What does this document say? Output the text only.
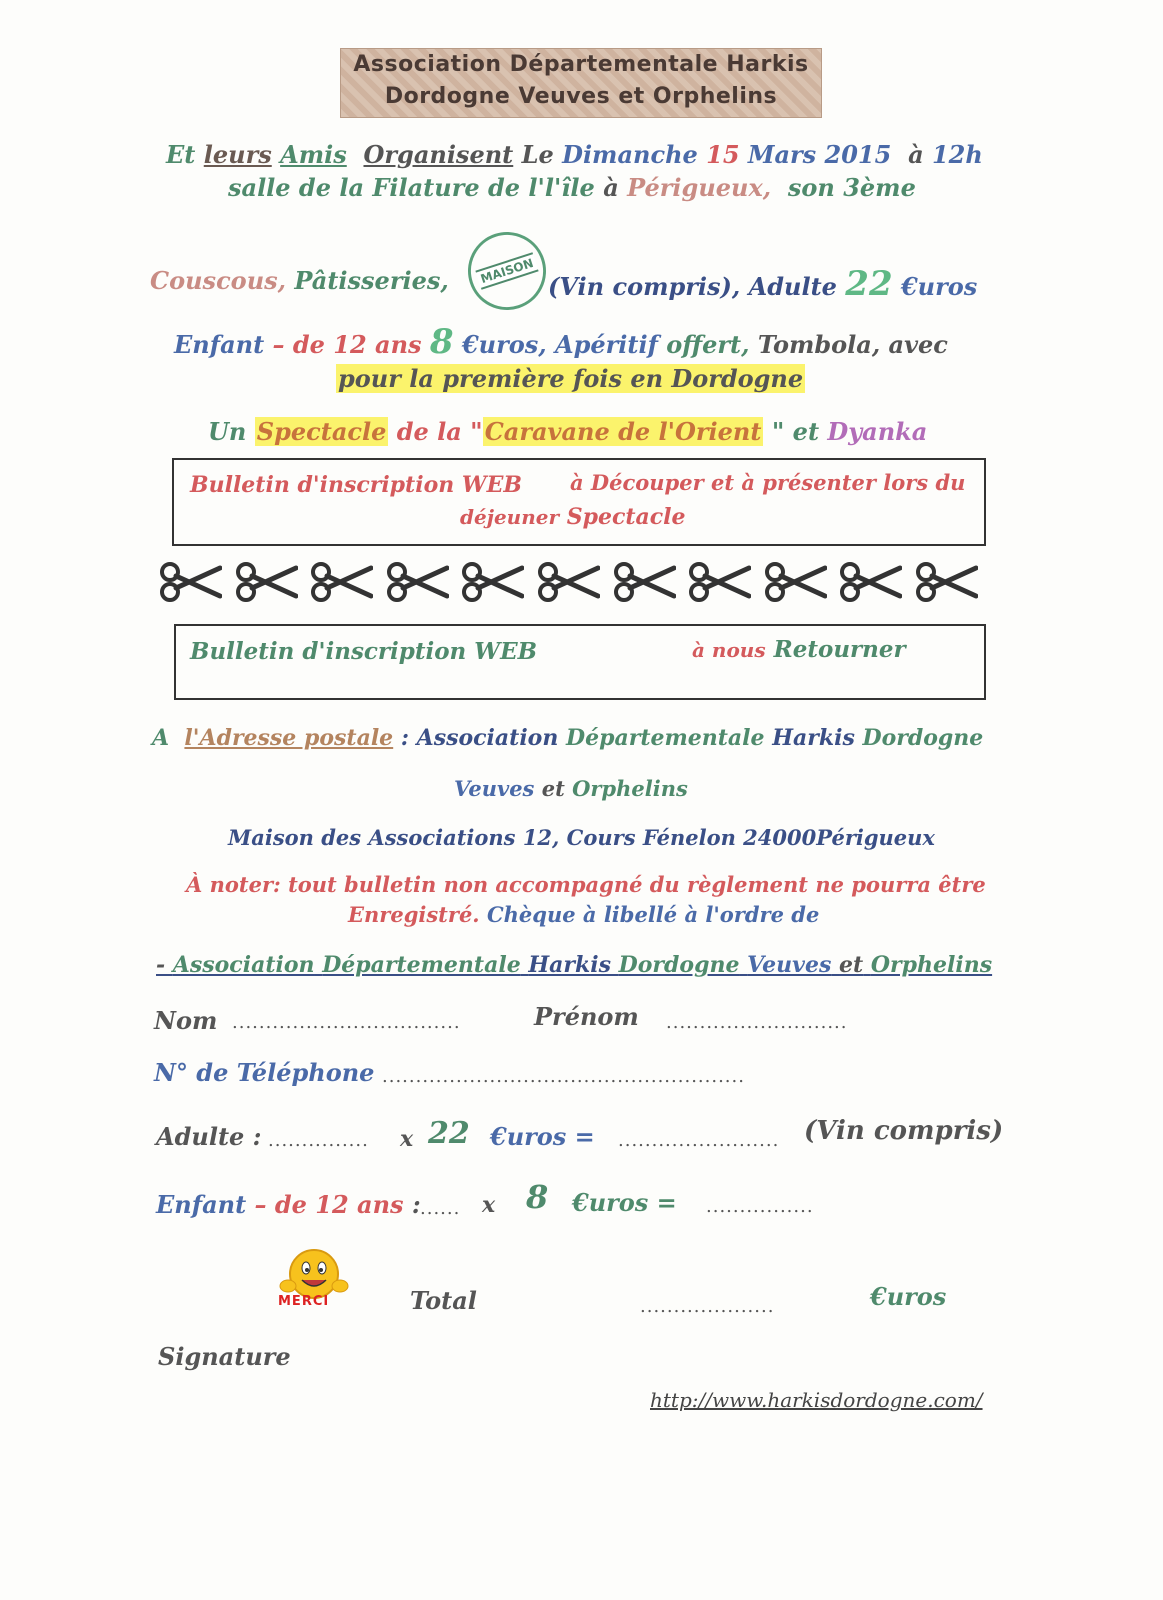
Association Départementale Harkis
Dordogne Veuves et Orphelins
Et leurs Amis Organisent Le Dimanche 15 Mars 2015 à 12h
salle de la Filature de l'l'île à Périgueux, son 3ème
MAISON
Couscous, Pâtisseries,	(Vin compris), Adulte 22 €uros
Enfant – de 12 ans 8 €uros, Apéritif offert, Tombola, avec
pour la première fois en Dordogne
Un Spectacle de la "Caravane de l'Orient " et Dyanka
Bulletin d'inscription WEB à Découper et à présenter lors du
déjeuner Spectacle
Bulletin d'inscription WEB	à nous Retourner
A l'Adresse postale : Association Départementale Harkis Dordogne
Veuves et Orphelins
Maison des Associations 12, Cours Fénelon 24000Périgueux
À noter: tout bulletin non accompagné du règlement ne pourra être
Enregistré. Chèque à libellé à l'ordre de
- Association Départementale Harkis Dordogne Veuves et Orphelins
Nom ..................................	Prénom ...........................
N° de Téléphone ......................................................
Adulte : ............... x 22 €uros = ........................ (Vin compris)
Enfant – de 12 ans : ...... x 8 €uros = ................
MERCI	Total	....................	€uros
Signature
http://www.harkisdordogne.com/
